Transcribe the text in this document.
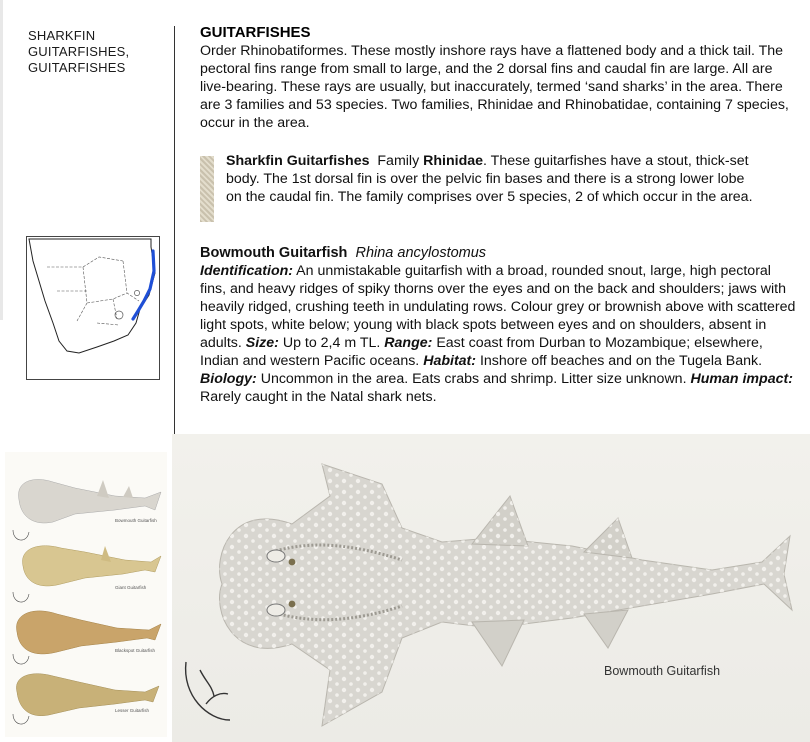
SHARKFIN
GUITARFISHES,
GUITARFISHES

GUITARFISHES

Order Rhinobatiformes. These mostly inshore rays have a flattened body and a thick tail. The pectoral fins range from small to large, and the 2 dorsal fins and caudal fin are large. All are live-bearing. These rays are usually, but inaccurately, termed ‘sand sharks’ in the area. There are 3 families and 53 species. Two families, Rhinidae and Rhinobatidae, containing 7 species, occur in the area.

Sharkfin Guitarfishes Family Rhinidae. These guitarfishes have a stout, thick-set body. The 1st dorsal fin is over the pelvic fin bases and there is a strong lower lobe on the caudal fin. The family comprises over 5 species, 2 of which occur in the area.

Bowmouth Guitarfish Rhina ancylostomus

Identification: An unmistakable guitarfish with a broad, rounded snout, large, high pectoral fins, and heavy ridges of spiky thorns over the eyes and on the back and shoulders; jaws with heavily ridged, crushing teeth in undulating rows. Colour grey or brownish above with scattered light spots, white below; young with black spots between eyes and on shoulders, absent in adults. Size: Up to 2,4 m TL. Range: East coast from Durban to Mozambique; elsewhere, Indian and western Pacific oceans. Habitat: Inshore off beaches and on the Tugela Bank. Biology: Uncommon in the area. Eats crabs and shrimp. Litter size unknown. Human impact: Rarely caught in the Natal shark nets.

Bowmouth Guitarfish
Giant Guitarfish
Blackspot Guitarfish
Lesser Guitarfish
Bowmouth Guitarfish
